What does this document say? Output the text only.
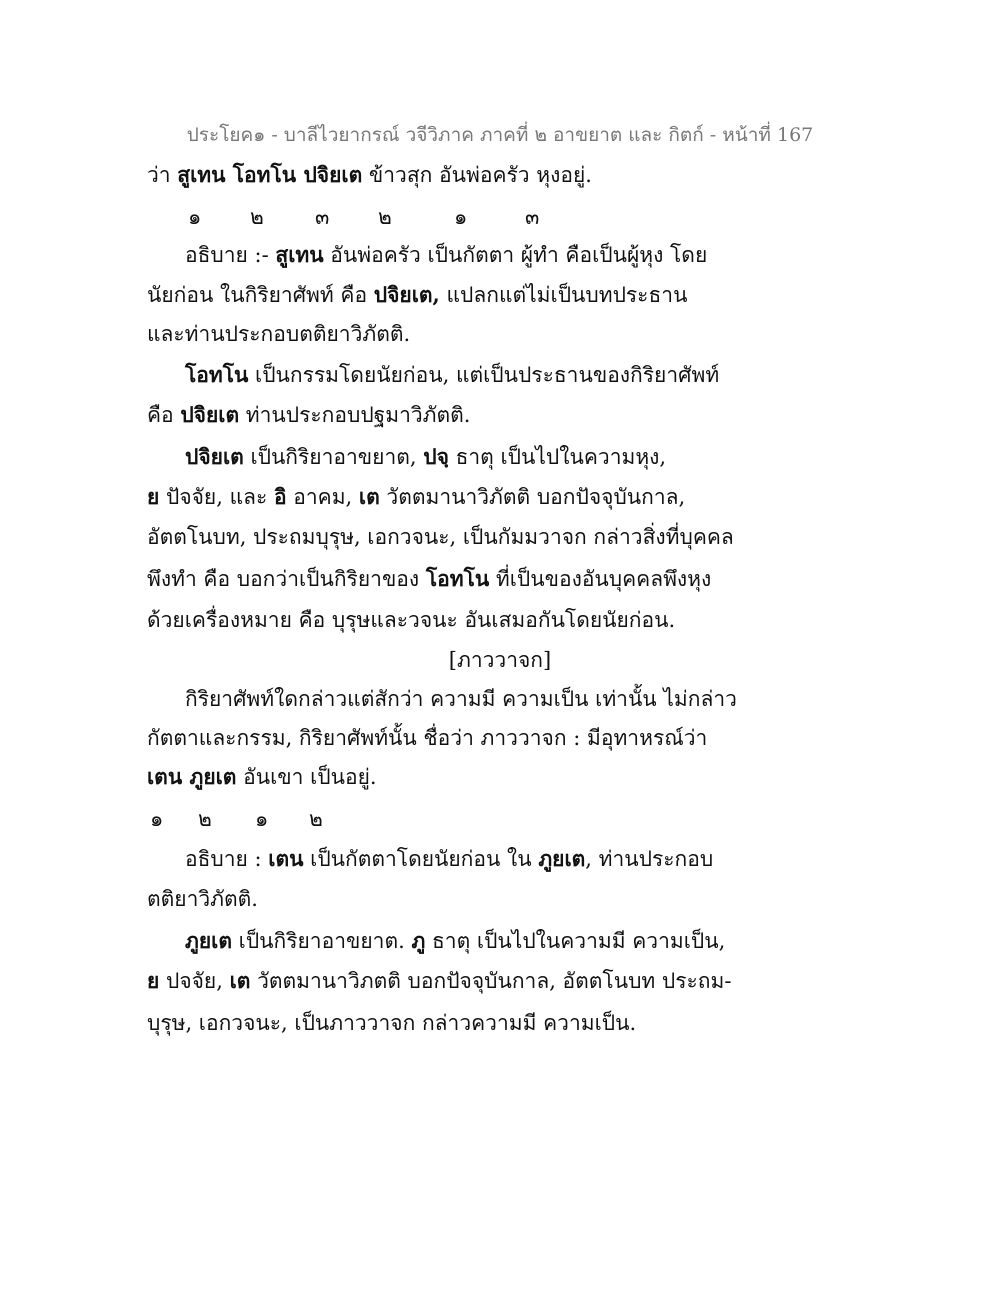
ประโยค๑ - บาลีไวยากรณ์ วจีวิภาค ภาคที่ ๒ อาขยาต และ กิตก์ - หน้าที่ 167
ว่า สูเทน โอทโน ปจิยเต ข้าวสุก อันพ่อครัว หุงอยู่.
๑ ๒ ๓ ๒	๑	๓
อธิบาย :- สูเทน อันพ่อครัว เป็นกัตตา ผู้ทำ คือเป็นผู้หุง โดย
นัยก่อน ในกิริยาศัพท์ คือ ปจิยเต, แปลกแต่ไม่เป็นบทประธาน
และท่านประกอบตติยาวิภัตติ.
โอทโน เป็นกรรมโดยนัยก่อน, แต่เป็นประธานของกิริยาศัพท์
คือ ปจิยเต ท่านประกอบปฐมาวิภัตติ.
ปจิยเต เป็นกิริยาอาขยาต, ปจฺ ธาตุ เป็นไปในความหุง,
ย ปัจจัย, และ อิ อาคม, เต วัตตมานาวิภัตติ บอกปัจจุบันกาล,
อัตตโนบท, ประถมบุรุษ, เอกวจนะ, เป็นกัมมวาจก กล่าวสิ่งที่บุคคล
พึงทำ คือ บอกว่าเป็นกิริยาของ โอทโน ที่เป็นของอันบุคคลพึงหุง
ด้วยเครื่องหมาย คือ บุรุษและวจนะ อันเสมอกันโดยนัยก่อน.
[ภาววาจก]
กิริยาศัพท์ใดกล่าวแต่สักว่า ความมี ความเป็น เท่านั้น ไม่กล่าว
กัตตาและกรรม, กิริยาศัพท์นั้น ชื่อว่า ภาววาจก : มีอุทาหรณ์ว่า
เตน ภูยเต อันเขา เป็นอยู่.
๑ ๒ ๑ ๒
อธิบาย : เตน เป็นกัตตาโดยนัยก่อน ใน ภูยเต, ท่านประกอบ
ตติยาวิภัตติ.
ภูยเต เป็นกิริยาอาขยาต. ภู ธาตุ เป็นไปในความมี ความเป็น,
ย ปจจัย, เต วัตตมานาวิภตติ บอกปัจจุบันกาล, อัตตโนบท ประถม-
บุรุษ, เอกวจนะ, เป็นภาววาจก กล่าวความมี ความเป็น.
